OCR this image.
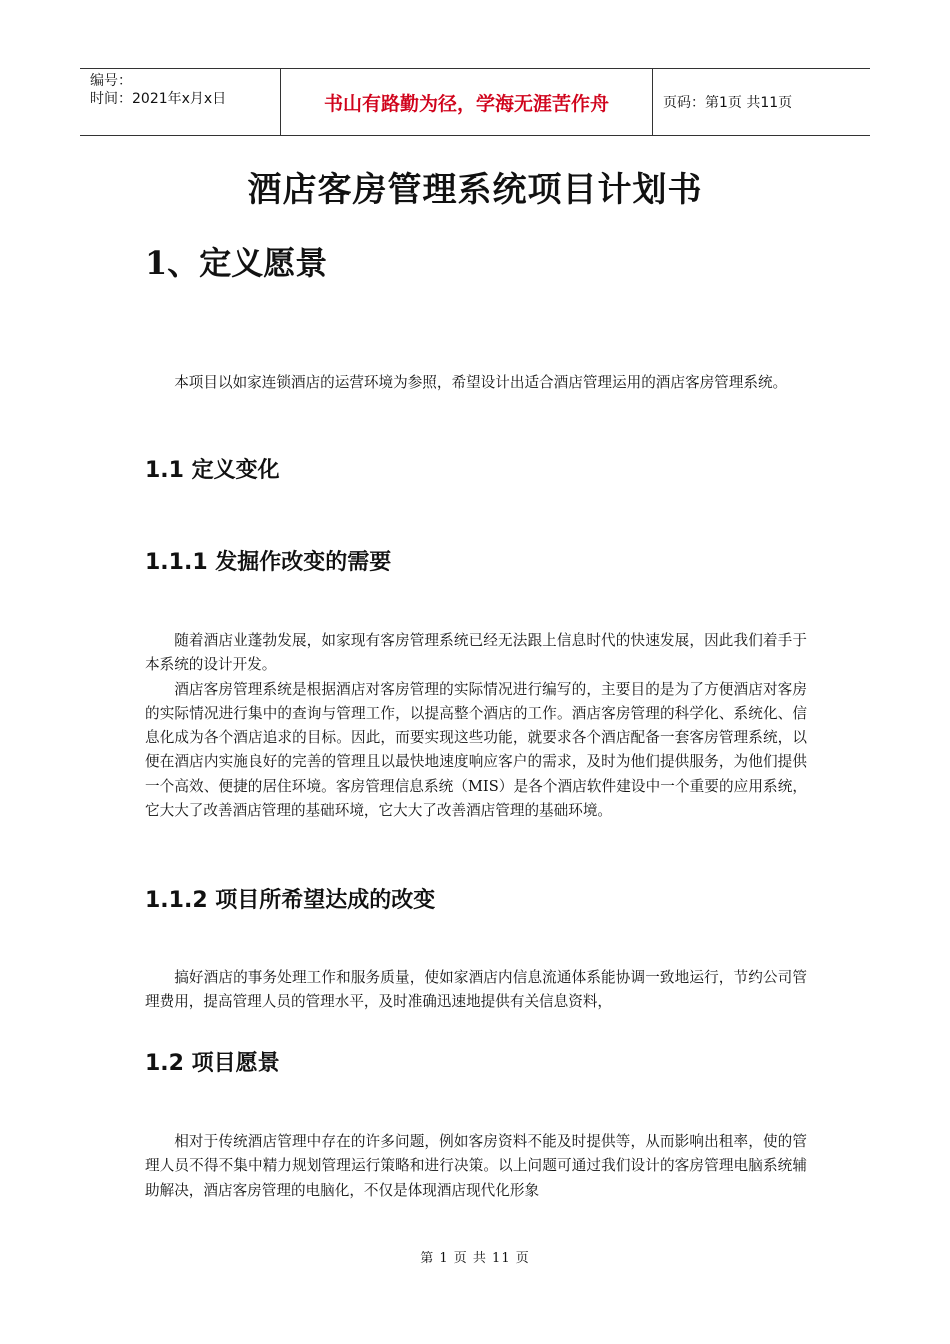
编号：
时间：2021年x月x日	书山有路勤为径，学海无涯苦作舟	页码：第1页 共11页
酒店客房管理系统项目计划书
1、定义愿景

本项目以如家连锁酒店的运营环境为参照，希望设计出适合酒店管理运用的酒店客房管理系统。

1.1 定义变化
1.1.1 发掘作改变的需要

随着酒店业蓬勃发展，如家现有客房管理系统已经无法跟上信息时代的快速发展，因此我们着手于本系统的设计开发。

酒店客房管理系统是根据酒店对客房管理的实际情况进行编写的，主要目的是为了方便酒店对客房的实际情况进行集中的查询与管理工作，以提高整个酒店的工作。酒店客房管理的科学化、系统化、信息化成为各个酒店追求的目标。因此，而要实现这些功能，就要求各个酒店配备一套客房管理系统，以便在酒店内实施良好的完善的管理且以最快地速度响应客户的需求，及时为他们提供服务，为他们提供一个高效、便捷的居住环境。客房管理信息系统（MIS）是各个酒店软件建设中一个重要的应用系统，它大大了改善酒店管理的基础环境，它大大了改善酒店管理的基础环境。

1.1.2 项目所希望达成的改变

搞好酒店的事务处理工作和服务质量，使如家酒店内信息流通体系能协调一致地运行，节约公司管理费用，提高管理人员的管理水平，及时准确迅速地提供有关信息资料，

1.2 项目愿景

相对于传统酒店管理中存在的许多问题，例如客房资料不能及时提供等，从而影响出租率，使的管理人员不得不集中精力规划管理运行策略和进行决策。以上问题可通过我们设计的客房管理电脑系统辅助解决，酒店客房管理的电脑化，不仅是体现酒店现代化形象

第 1 页 共 11 页
